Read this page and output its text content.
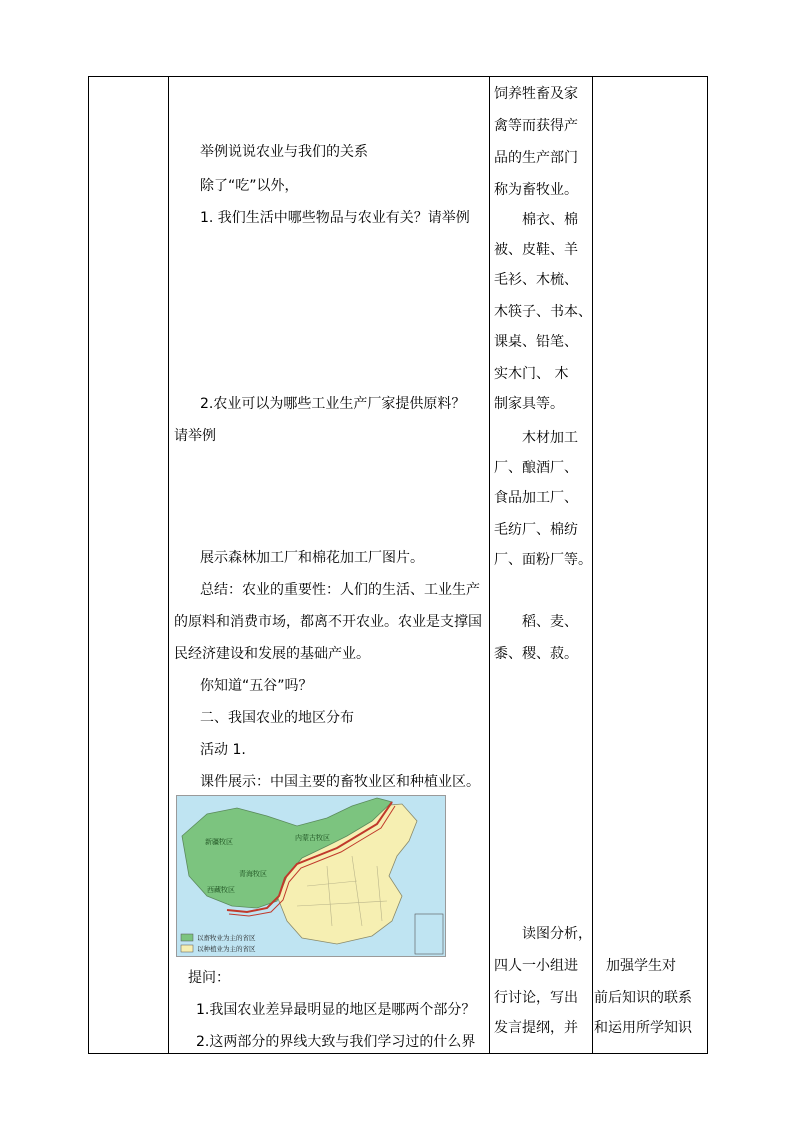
举例说说农业与我们的关系
除了“吃”以外，
1. 我们生活中哪些物品与农业有关？请举例
2.农业可以为哪些工业生产厂家提供原料？
请举例
展示森林加工厂和棉花加工厂图片。
总结：农业的重要性：人们的生活、工业生产
的原料和消费市场，都离不开农业。农业是支撑国
民经济建设和发展的基础产业。
你知道“五谷”吗？
二、我国农业的地区分布
活动 1.
课件展示：中国主要的畜牧业区和种植业区。
提问：
1.我国农业差异最明显的地区是哪两个部分？
2.这两部分的界线大致与我们学习过的什么界
新疆牧区
青海牧区
西藏牧区
内蒙古牧区
以畜牧业为主的省区
以种植业为主的省区
饲养牲畜及家
禽等而获得产
品的生产部门
称为畜牧业。
棉衣、棉
被、皮鞋、羊
毛衫、木梳、
木筷子、书本、
课桌、铅笔、
实木门、 木
制家具等。
木材加工
厂、酿酒厂、
食品加工厂、
毛纺厂、棉纺
厂、面粉厂等。
稻、麦、
黍、稷、菽。
读图分析，
四人一小组进
行讨论，写出
发言提纲，并
加强学生对
前后知识的联系
和运用所学知识
